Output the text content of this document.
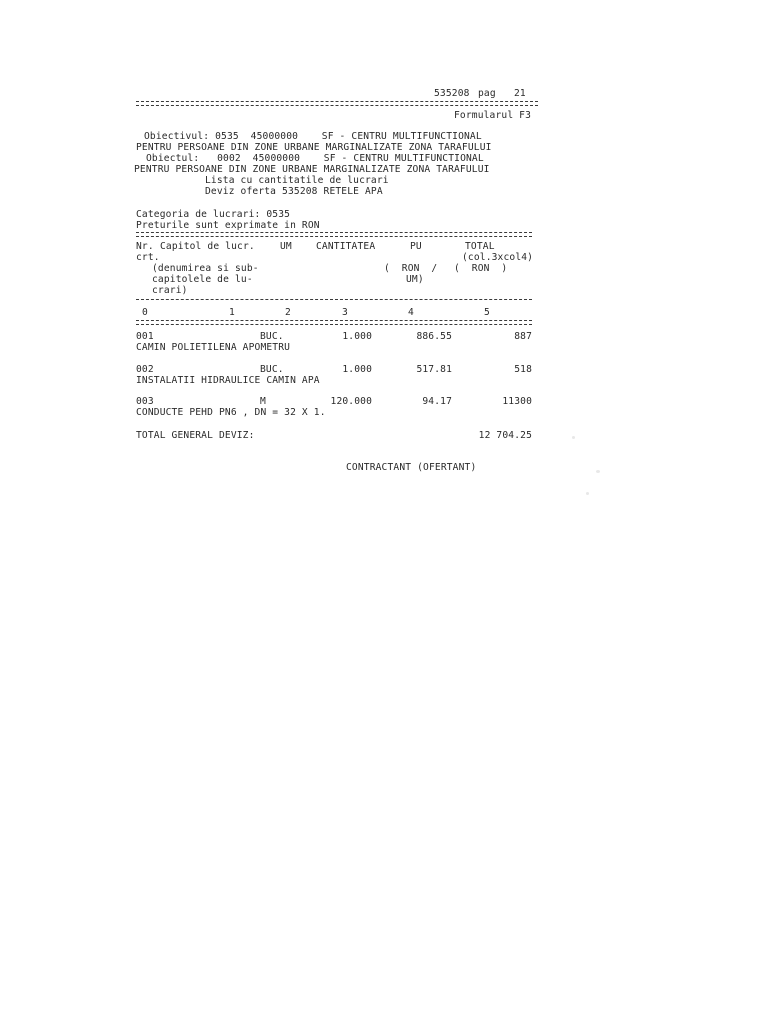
535208 pag 21
Formularul F3
Obiectivul: 0535  45000000    SF - CENTRU MULTIFUNCTIONAL
PENTRU PERSOANE DIN ZONE URBANE MARGINALIZATE ZONA TARAFULUI
Obiectul:   0002  45000000    SF - CENTRU MULTIFUNCTIONAL
PENTRU PERSOANE DIN ZONE URBANE MARGINALIZATE ZONA TARAFULUI
Lista cu cantitatile de lucrari
Deviz oferta 535208 RETELE APA
Categoria de lucrari: 0535
Preturile sunt exprimate in RON
Nr. Capitol de lucr.	UM	CANTITATEA	PU	TOTAL
crt.	(col.3xcol4)
(denumirea si sub-	(  RON  / (  RON  )
capitolele de lu-	UM)
crari)
0	1	2	3	4	5
001	BUC.	1.000	886.55	887
CAMIN POLIETILENA APOMETRU
002	BUC.	1.000	517.81	518
INSTALATII HIDRAULICE CAMIN APA
003	M	120.000	94.17	11300
CONDUCTE PEHD PN6 , DN = 32 X 1.
TOTAL GENERAL DEVIZ:	12 704.25
CONTRACTANT (OFERTANT)
